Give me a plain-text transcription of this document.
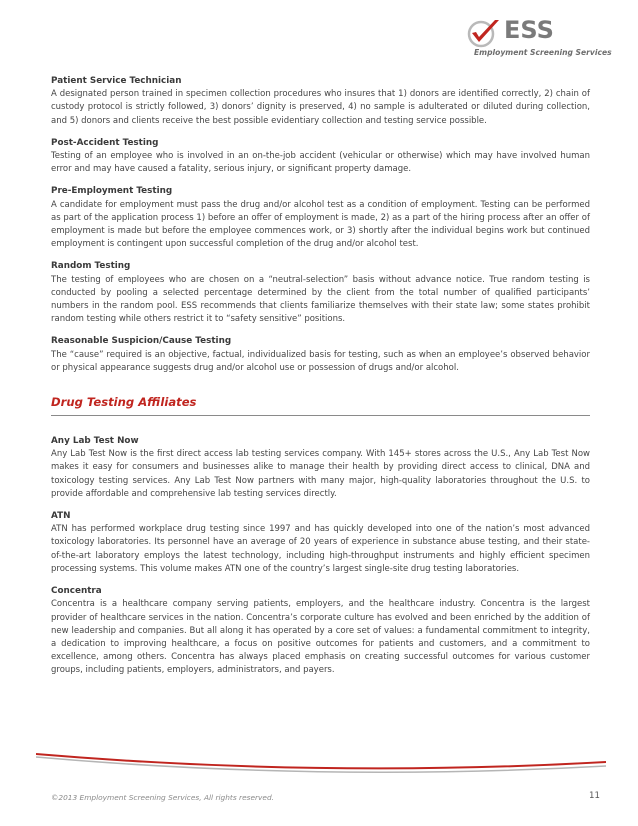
ESS
Employment Screening Services
Patient Service Technician
A designated person trained in specimen collection procedures who insures that 1) donors are identified correctly, 2) chain of custody protocol is strictly followed, 3) donors’ dignity is preserved, 4) no sample is adulterated or diluted during collection, and 5) donors and clients receive the best possible evidentiary collection and testing service possible.
Post-Accident Testing
Testing of an employee who is involved in an on-the-job accident (vehicular or otherwise) which may have involved human error and may have caused a fatality, serious injury, or significant property damage.
Pre-Employment Testing
A candidate for employment must pass the drug and/or alcohol test as a condition of employment. Testing can be performed as part of the application process 1) before an offer of employment is made, 2) as a part of the hiring process after an offer of employment is made but before the employee commences work, or 3) shortly after the individual begins work but continued employment is contingent upon successful completion of the drug and/or alcohol test.
Random Testing
The testing of employees who are chosen on a “neutral-selection” basis without advance notice. True random testing is conducted by pooling a selected percentage determined by the client from the total number of qualified participants’ numbers in the random pool. ESS recommends that clients familiarize themselves with their state law; some states prohibit random testing while others restrict it to “safety sensitive” positions.
Reasonable Suspicion/Cause Testing
The “cause” required is an objective, factual, individualized basis for testing, such as when an employee’s observed behavior or physical appearance suggests drug and/or alcohol use or possession of drugs and/or alcohol.
Drug Testing Affiliates
Any Lab Test Now
Any Lab Test Now is the first direct access lab testing services company. With 145+ stores across the U.S., Any Lab Test Now makes it easy for consumers and businesses alike to manage their health by providing direct access to clinical, DNA and toxicology testing services. Any Lab Test Now partners with many major, high-quality laboratories throughout the U.S. to provide affordable and comprehensive lab testing services directly.
ATN
ATN has performed workplace drug testing since 1997 and has quickly developed into one of the nation’s most advanced toxicology laboratories. Its personnel have an average of 20 years of experience in substance abuse testing, and their state-of-the-art laboratory employs the latest technology, including high-throughput instruments and highly efficient specimen processing systems. This volume makes ATN one of the country’s largest single-site drug testing laboratories.
Concentra
Concentra is a healthcare company serving patients, employers, and the healthcare industry. Concentra is the largest provider of healthcare services in the nation. Concentra’s corporate culture has evolved and been enriched by the addition of new leadership and companies. But all along it has operated by a core set of values: a fundamental commitment to integrity, a dedication to improving healthcare, a focus on positive outcomes for patients and customers, and a commitment to excellence, among others. Concentra has always placed emphasis on creating successful outcomes for various customer groups, including patients, employers, administrators, and payers.
©2013 Employment Screening Services, All rights reserved.	11
